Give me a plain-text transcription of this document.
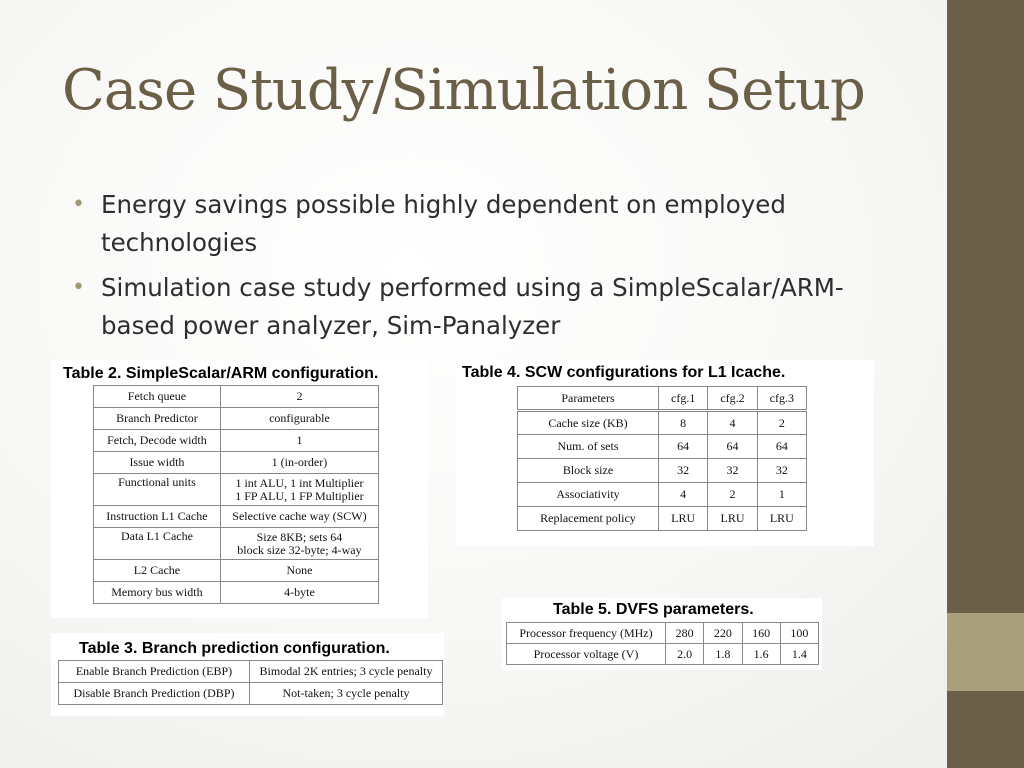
Case Study/Simulation Setup
• Energy savings possible highly dependent on employed technologies
• Simulation case study performed using a SimpleScalar/ARM-based power analyzer, Sim-Panalyzer
Table 2. SimpleScalar/ARM configuration.
Fetch queue	2
Branch Predictor	configurable
Fetch, Decode width	1
Issue width	1 (in-order)
Functional units	1 int ALU, 1 int Multiplier
1 FP ALU, 1 FP Multiplier
Instruction L1 Cache	Selective cache way (SCW)
Data L1 Cache	Size 8KB; sets 64
block size 32-byte; 4-way
L2 Cache	None
Memory bus width	4-byte
Table 3. Branch prediction configuration.
Enable Branch Prediction (EBP)	Bimodal 2K entries; 3 cycle penalty
Disable Branch Prediction (DBP)	Not-taken; 3 cycle penalty
Table 4. SCW configurations for L1 Icache.
Parameters	cfg.1	cfg.2	cfg.3
Cache size (KB)	8	4	2
Num. of sets	64	64	64
Block size	32	32	32
Associativity	4	2	1
Replacement policy	LRU	LRU	LRU
Table 5. DVFS parameters.
Processor frequency (MHz)	280	220	160	100
Processor voltage (V)	2.0	1.8	1.6	1.4
